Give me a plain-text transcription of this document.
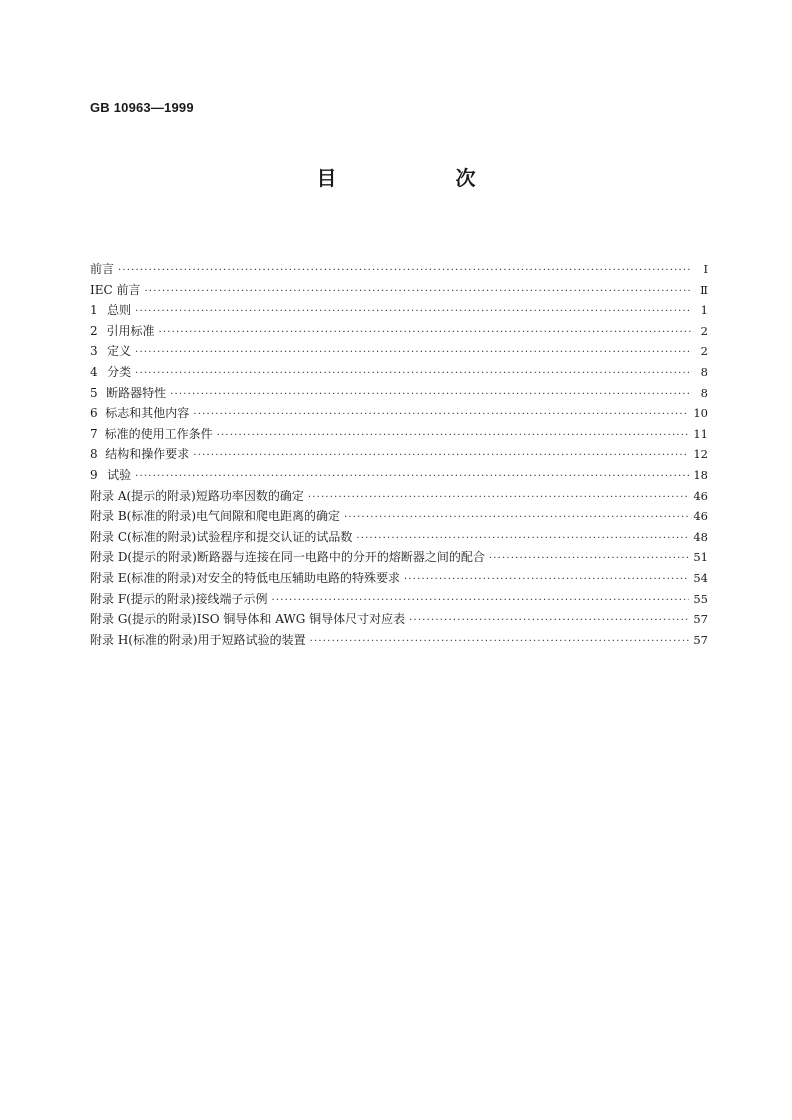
GB 10963—1999
目 次
前言 ·····	I
IEC 前言 ·····	Ⅱ
1 总则 ·····	1
2 引用标准 ·····	2
3 定义 ·····	2
4 分类 ·····	8
5 断路器特性 ·····	8
6 标志和其他内容 ·····	10
7 标准的使用工作条件 ·····	11
8 结构和操作要求 ·····	12
9 试验 ·····	18
附录 A(提示的附录) 短路功率因数的确定 ·····	46
附录 B(标准的附录) 电气间隙和爬电距离的确定 ·····	46
附录 C(标准的附录) 试验程序和提交认证的试品数 ·····	48
附录 D(提示的附录) 断路器与连接在同一电路中的分开的熔断器之间的配合 ·····	51
附录 E(标准的附录) 对安全的特低电压辅助电路的特殊要求 ·····	54
附录 F(提示的附录) 接线端子示例 ·····	55
附录 G(提示的附录) ISO 铜导体和 AWG 铜导体尺寸对应表 ·····	57
附录 H(标准的附录) 用于短路试验的装置 ·····	57
